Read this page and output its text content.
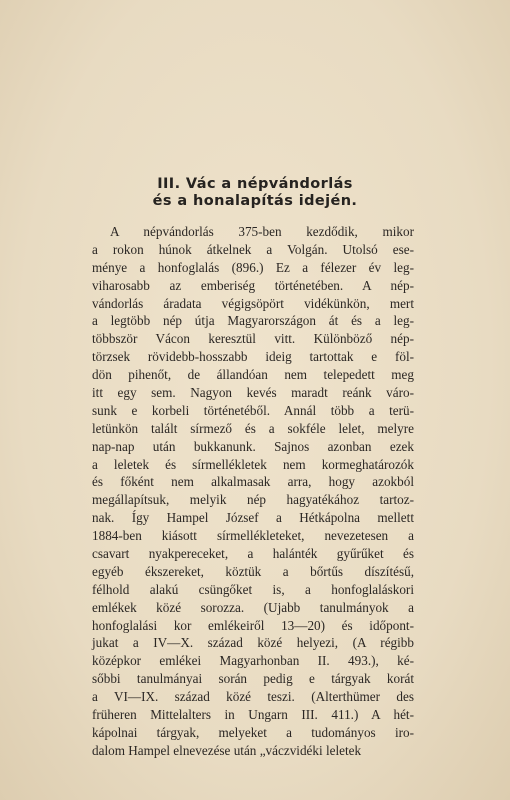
III. Vác a népvándorlás
és a honalapítás idején.
A népvándorlás 375-ben kezdődik, mikor
a rokon húnok átkelnek a Volgán. Utolsó ese-
ménye a honfoglalás (896.) Ez a félezer év leg-
viharosabb az emberiség történetében. A nép-
vándorlás áradata végigsöpört vidékünkön, mert
a legtöbb nép útja Magyarországon át és a leg-
többször Vácon keresztül vitt. Különböző nép-
törzsek rövidebb-hosszabb ideig tartottak e föl-
dön pihenőt, de állandóan nem telepedett meg
itt egy sem. Nagyon kevés maradt reánk váro-
sunk e korbeli történetéből. Annál több a terü-
letünkön talált sírmező és a sokféle lelet, melyre
nap-nap után bukkanunk. Sajnos azonban ezek
a leletek és sírmellékletek nem kormeghatározók
és főként nem alkalmasak arra, hogy azokból
megállapítsuk, melyik nép hagyatékához tartoz-
nak. Így Hampel József a Hétkápolna mellett
1884-ben kiásott sírmellékleteket, nevezetesen a
csavart nyakpereceket, a halánték gyűrűket és
egyéb ékszereket, köztük a bőrtűs díszítésű,
félhold alakú csüngőket is, a honfoglaláskori
emlékek közé sorozza. (Ujabb tanulmányok a
honfoglalási kor emlékeiről 13—20) és időpont-
jukat a IV—X. század közé helyezi, (A régibb
középkor emlékei Magyarhonban II. 493.), ké-
sőbbi tanulmányai során pedig e tárgyak korát
a VI—IX. század közé teszi. (Alterthümer des
früheren Mittelalters in Ungarn III. 411.) A hét-
kápolnai tárgyak, melyeket a tudományos iro-
dalom Hampel elnevezése után „váczvidéki leletek
